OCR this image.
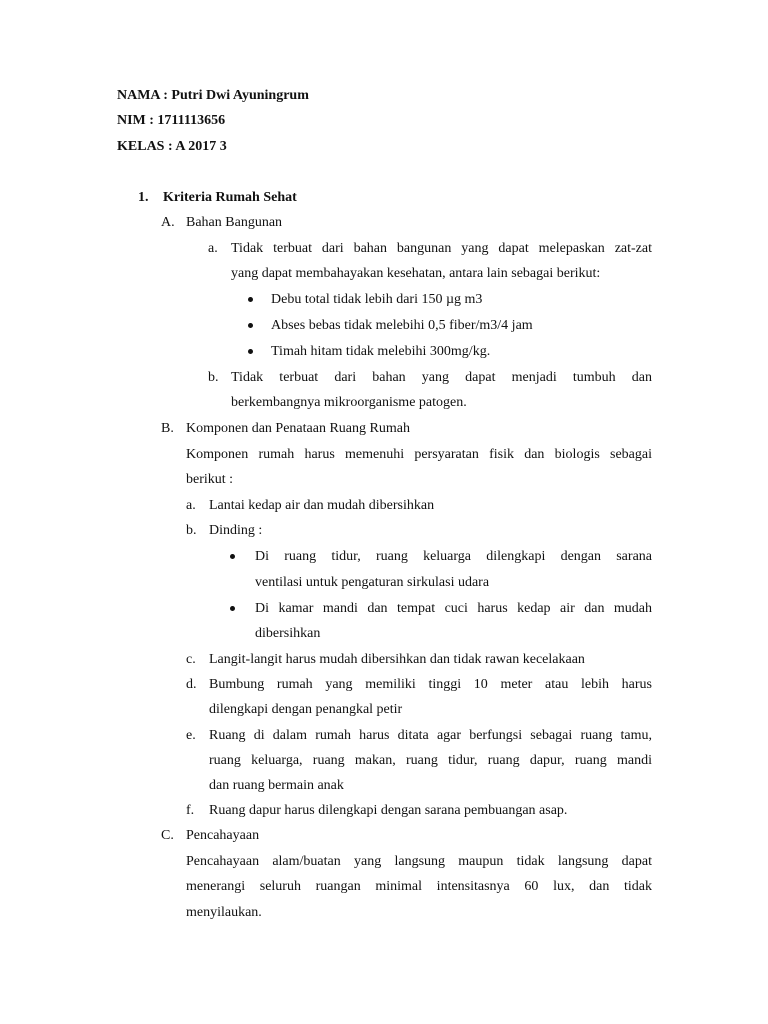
NAMA : Putri Dwi Ayuningrum
NIM : 1711113656
KELAS : A 2017 3
1. Kriteria Rumah Sehat
A. Bahan Bangunan
a. Tidak terbuat dari bahan bangunan yang dapat melepaskan zat-zat
yang dapat membahayakan kesehatan, antara lain sebagai berikut:
Debu total tidak lebih dari 150 µg m3
Abses bebas tidak melebihi 0,5 fiber/m3/4 jam
Timah hitam tidak melebihi 300mg/kg.
b. Tidak terbuat dari bahan yang dapat menjadi tumbuh dan
berkembangnya mikroorganisme patogen.
B. Komponen dan Penataan Ruang Rumah
Komponen rumah harus memenuhi persyaratan fisik dan biologis sebagai
berikut :
a. Lantai kedap air dan mudah dibersihkan
b. Dinding :
Di ruang tidur, ruang keluarga dilengkapi dengan sarana
ventilasi untuk pengaturan sirkulasi udara
Di kamar mandi dan tempat cuci harus kedap air dan mudah
dibersihkan
c. Langit-langit harus mudah dibersihkan dan tidak rawan kecelakaan
d. Bumbung rumah yang memiliki tinggi 10 meter atau lebih harus
dilengkapi dengan penangkal petir
e. Ruang di dalam rumah harus ditata agar berfungsi sebagai ruang tamu,
ruang keluarga, ruang makan, ruang tidur, ruang dapur, ruang mandi
dan ruang bermain anak
f. Ruang dapur harus dilengkapi dengan sarana pembuangan asap.
C. Pencahayaan
Pencahayaan alam/buatan yang langsung maupun tidak langsung dapat
menerangi seluruh ruangan minimal intensitasnya 60 lux, dan tidak
menyilaukan.
